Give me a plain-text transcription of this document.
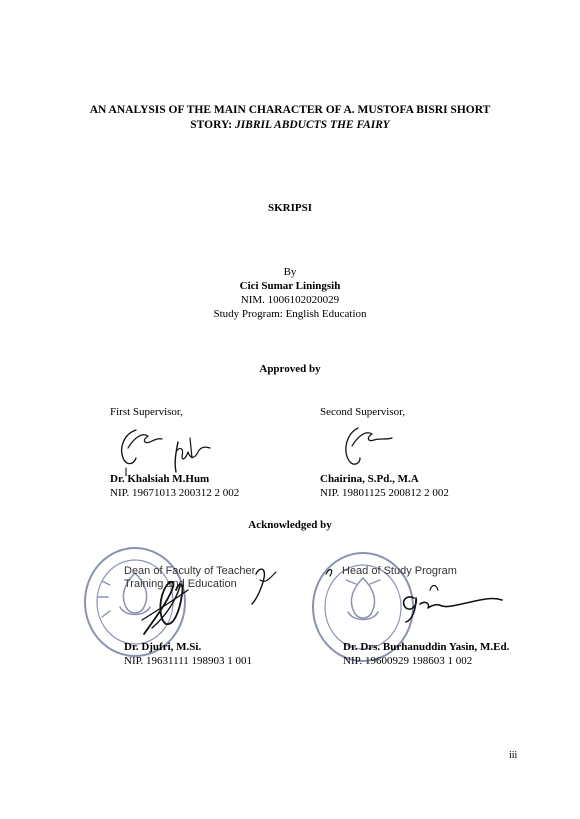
AN ANALYSIS OF THE MAIN CHARACTER OF A. MUSTOFA BISRI SHORT
STORY: JIBRIL ABDUCTS THE FAIRY
SKRIPSI
By
Cici Sumar Liningsih
NIM. 1006102020029
Study Program: English Education
Approved by
First Supervisor,	Second Supervisor,
Dr. Khalsiah M.Hum
NIP. 19671013 200312 2 002
Chairina, S.Pd., M.A
NIP. 19801125 200812 2 002
Acknowledged by
Dean of Faculty of Teacher
Training and Education
Head of Study Program
Dr. Djufri, M.Si.
NIP. 19631111 198903 1 001
Dr. Drs. Burhanuddin Yasin, M.Ed.
NIP. 19600929 198603 1 002
iii
